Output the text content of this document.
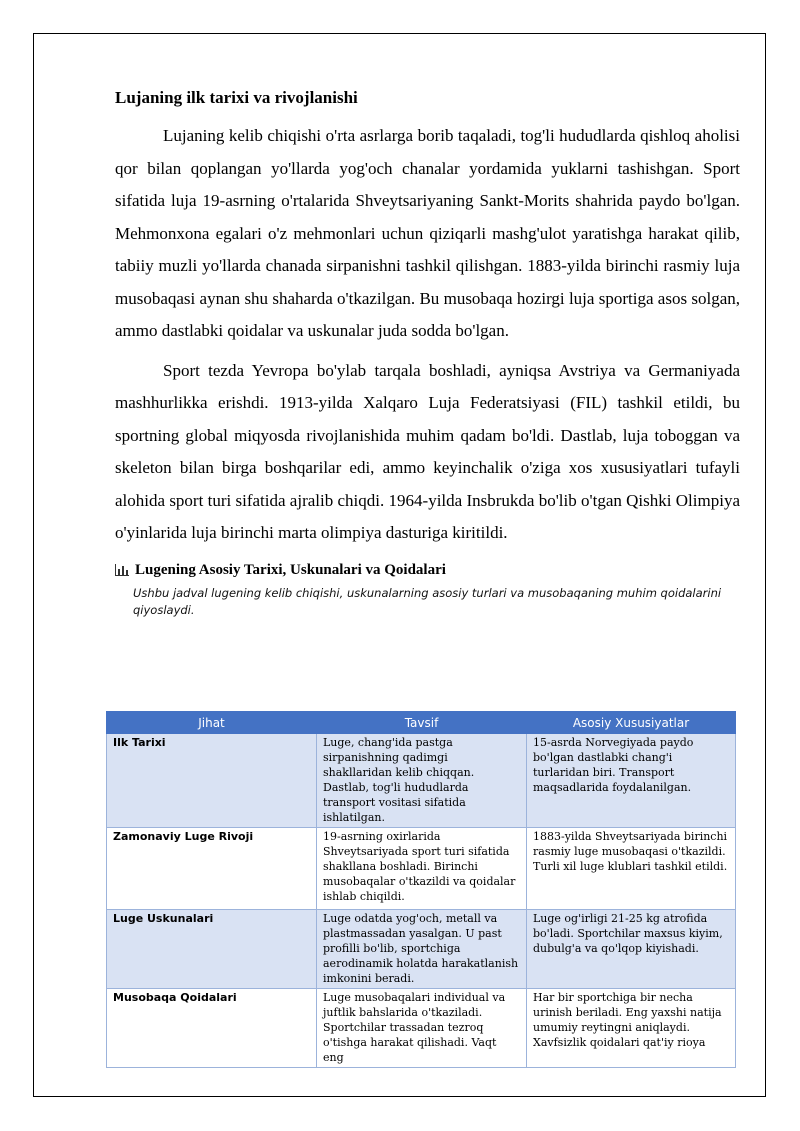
Lujaning ilk tarixi va rivojlanishi

Lujaning kelib chiqishi o'rta asrlarga borib taqaladi, tog'li hududlarda qishloq aholisi qor bilan qoplangan yo'llarda yog'och chanalar yordamida yuklarni tashishgan. Sport sifatida luja 19-asrning o'rtalarida Shveytsariyaning Sankt-Morits shahrida paydo bo'lgan. Mehmonxona egalari o'z mehmonlari uchun qiziqarli mashg'ulot yaratishga harakat qilib, tabiiy muzli yo'llarda chanada sirpanishni tashkil qilishgan. 1883-yilda birinchi rasmiy luja musobaqasi aynan shu shaharda o'tkazilgan. Bu musobaqa hozirgi luja sportiga asos solgan, ammo dastlabki qoidalar va uskunalar juda sodda bo'lgan.

Sport tezda Yevropa bo'ylab tarqala boshladi, ayniqsa Avstriya va Germaniyada mashhurlikka erishdi. 1913-yilda Xalqaro Luja Federatsiyasi (FIL) tashkil etildi, bu sportning global miqyosda rivojlanishida muhim qadam bo'ldi. Dastlab, luja toboggan va skeleton bilan birga boshqarilar edi, ammo keyinchalik o'ziga xos xususiyatlari tufayli alohida sport turi sifatida ajralib chiqdi. 1964-yilda Insbrukda bo'lib o'tgan Qishki Olimpiya o'yinlarida luja birinchi marta olimpiya dasturiga kiritildi.

Lugening Asosiy Tarixi, Uskunalari va Qoidalari
Ushbu jadval lugening kelib chiqishi, uskunalarning asosiy turlari va musobaqaning muhim qoidalarini qiyoslaydi.
Jihat	Tavsif	Asosiy Xususiyatlar
Ilk Tarixi	Luge, chang'ida pastga sirpanishning qadimgi shakllaridan kelib chiqqan. Dastlab, tog'li hududlarda transport vositasi sifatida ishlatilgan.	15-asrda Norvegiyada paydo bo'lgan dastlabki chang'i turlaridan biri. Transport maqsadlarida foydalanilgan.
Zamonaviy Luge Rivoji	19-asrning oxirlarida Shveytsariyada sport turi sifatida shakllana boshladi. Birinchi musobaqalar o'tkazildi va qoidalar ishlab chiqildi.	1883-yilda Shveytsariyada birinchi rasmiy luge musobaqasi o'tkazildi. Turli xil luge klublari tashkil etildi.
Luge Uskunalari	Luge odatda yog'och, metall va plastmassadan yasalgan. U past profilli bo'lib, sportchiga aerodinamik holatda harakatlanish imkonini beradi.	Luge og'irligi 21-25 kg atrofida bo'ladi. Sportchilar maxsus kiyim, dubulg'a va qo'lqop kiyishadi.
Musobaqa Qoidalari	Luge musobaqalari individual va juftlik bahslarida o'tkaziladi. Sportchilar trassadan tezroq o'tishga harakat qilishadi. Vaqt eng	Har bir sportchiga bir necha urinish beriladi. Eng yaxshi natija umumiy reytingni aniqlaydi. Xavfsizlik qoidalari qat'iy rioya
